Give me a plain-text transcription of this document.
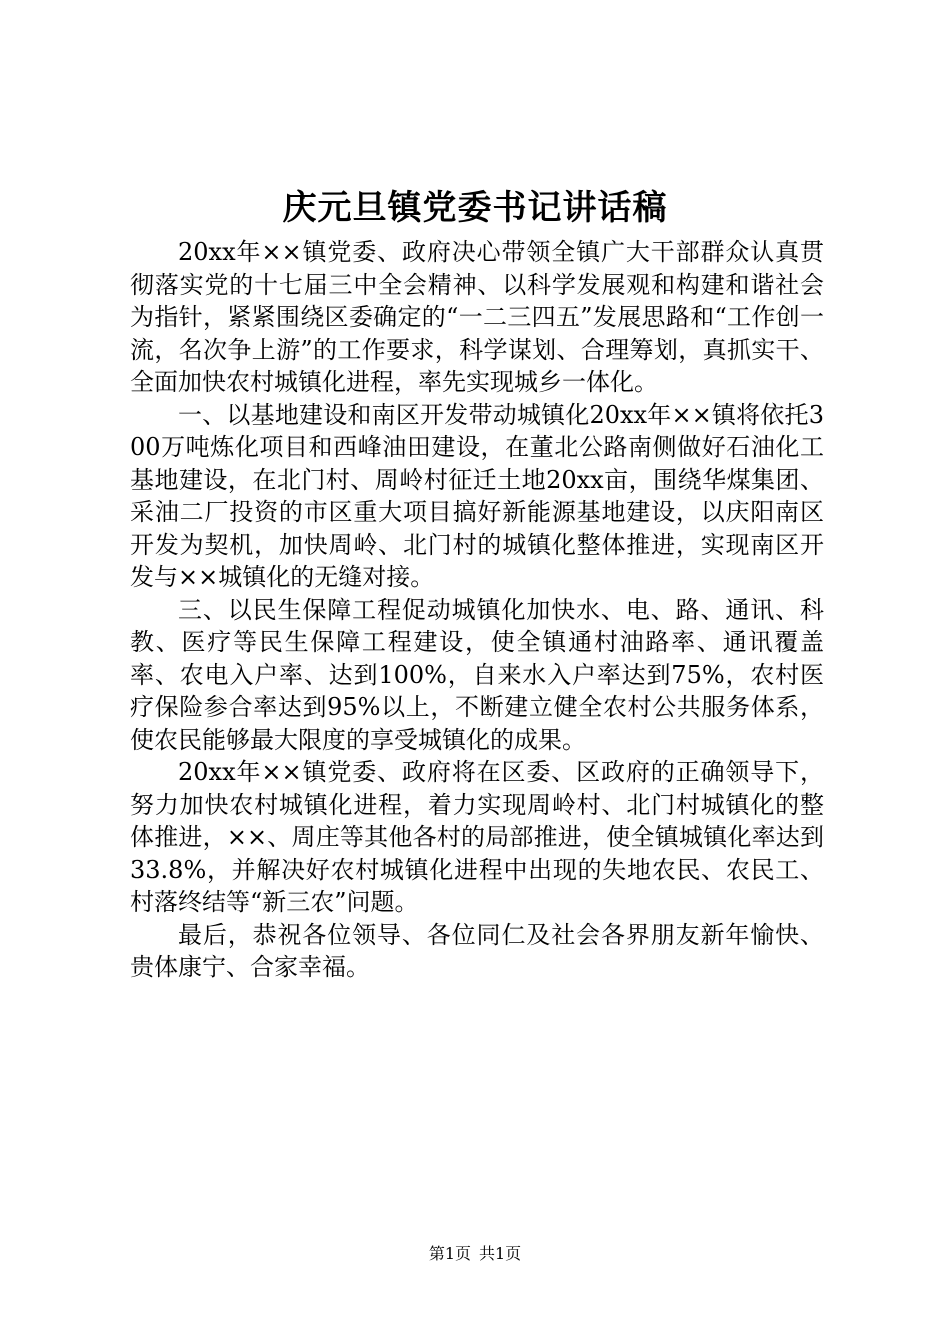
庆元旦镇党委书记讲话稿

20xx年××镇党委、政府决心带领全镇广大干部群众认真贯彻落实党的十七届三中全会精神、以科学发展观和构建和谐社会为指针，紧紧围绕区委确定的“一二三四五”发展思路和“工作创一流，名次争上游”的工作要求，科学谋划、合理筹划，真抓实干、全面加快农村城镇化进程，率先实现城乡一体化。

一、以基地建设和南区开发带动城镇化20xx年××镇将依托300万吨炼化项目和西峰油田建设，在董北公路南侧做好石油化工基地建设，在北门村、周岭村征迁土地20xx亩，围绕华煤集团、采油二厂投资的市区重大项目搞好新能源基地建设，以庆阳南区开发为契机，加快周岭、北门村的城镇化整体推进，实现南区开发与××城镇化的无缝对接。

三、以民生保障工程促动城镇化加快水、电、路、通讯、科教、医疗等民生保障工程建设，使全镇通村油路率、通讯覆盖率、农电入户率、达到100%，自来水入户率达到75%，农村医疗保险参合率达到95%以上，不断建立健全农村公共服务体系，使农民能够最大限度的享受城镇化的成果。

20xx年××镇党委、政府将在区委、区政府的正确领导下，努力加快农村城镇化进程，着力实现周岭村、北门村城镇化的整体推进，××、周庄等其他各村的局部推进，使全镇城镇化率达到33.8%，并解决好农村城镇化进程中出现的失地农民、农民工、村落终结等“新三农”问题。

最后，恭祝各位领导、各位同仁及社会各界朋友新年愉快、贵体康宁、合家幸福。

第1页 共1页
